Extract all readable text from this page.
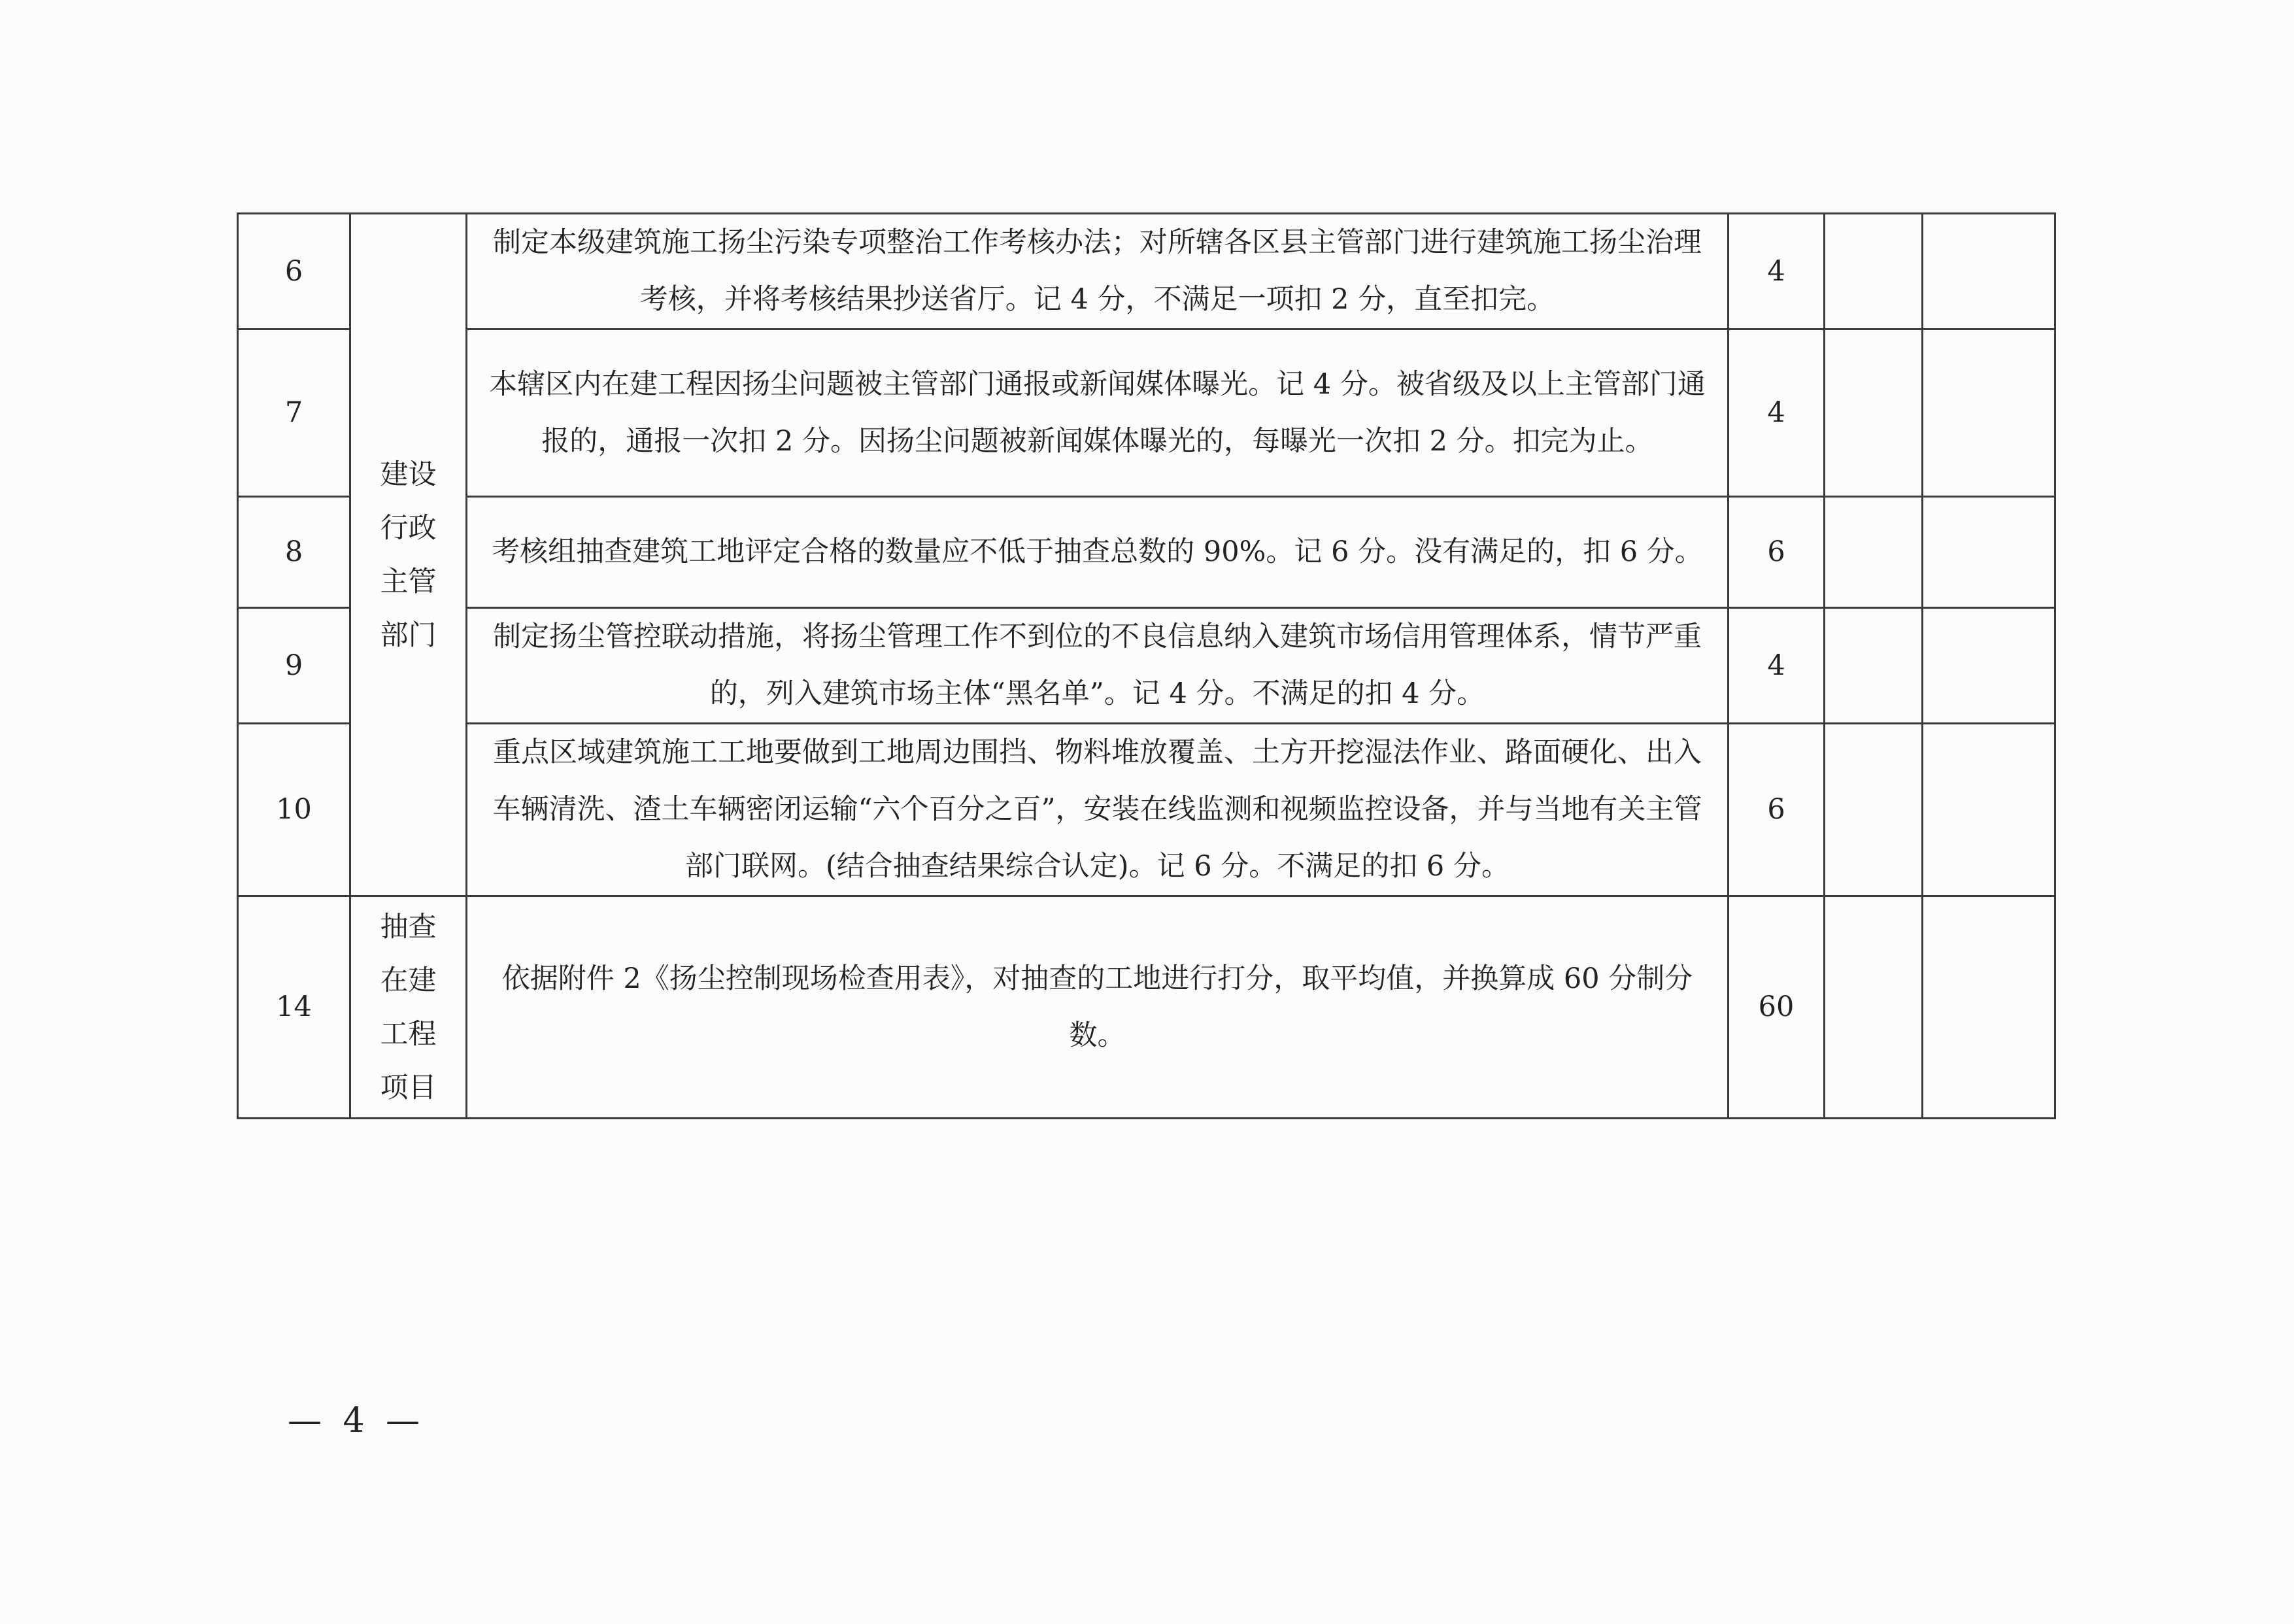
6	建设
行政
主管
部门	制定本级建筑施工扬尘污染专项整治工作考核办法；对所辖各区县主管部门进行建筑施工扬尘治理考核，并将考核结果抄送省厅。记 4 分，不满足一项扣 2 分，直至扣完。	4		
7		本辖区内在建工程因扬尘问题被主管部门通报或新闻媒体曝光。记 4 分。被省级及以上主管部门通报的，通报一次扣 2 分。因扬尘问题被新闻媒体曝光的，每曝光一次扣 2 分。扣完为止。	4		
8		考核组抽查建筑工地评定合格的数量应不低于抽查总数的 90%。记 6 分。没有满足的，扣 6 分。	6		
9		制定扬尘管控联动措施，将扬尘管理工作不到位的不良信息纳入建筑市场信用管理体系，情节严重的，列入建筑市场主体“黑名单”。记 4 分。不满足的扣 4 分。	4		
10		重点区域建筑施工工地要做到工地周边围挡、物料堆放覆盖、土方开挖湿法作业、路面硬化、出入车辆清洗、渣土车辆密闭运输“六个百分之百”，安装在线监测和视频监控设备，并与当地有关主管部门联网。(结合抽查结果综合认定)。记 6 分。不满足的扣 6 分。	6		
14	抽查
在建
工程
项目	依据附件 2《扬尘控制现场检查用表》，对抽查的工地进行打分，取平均值，并换算成 60 分制分数。	60		
— 4 —
